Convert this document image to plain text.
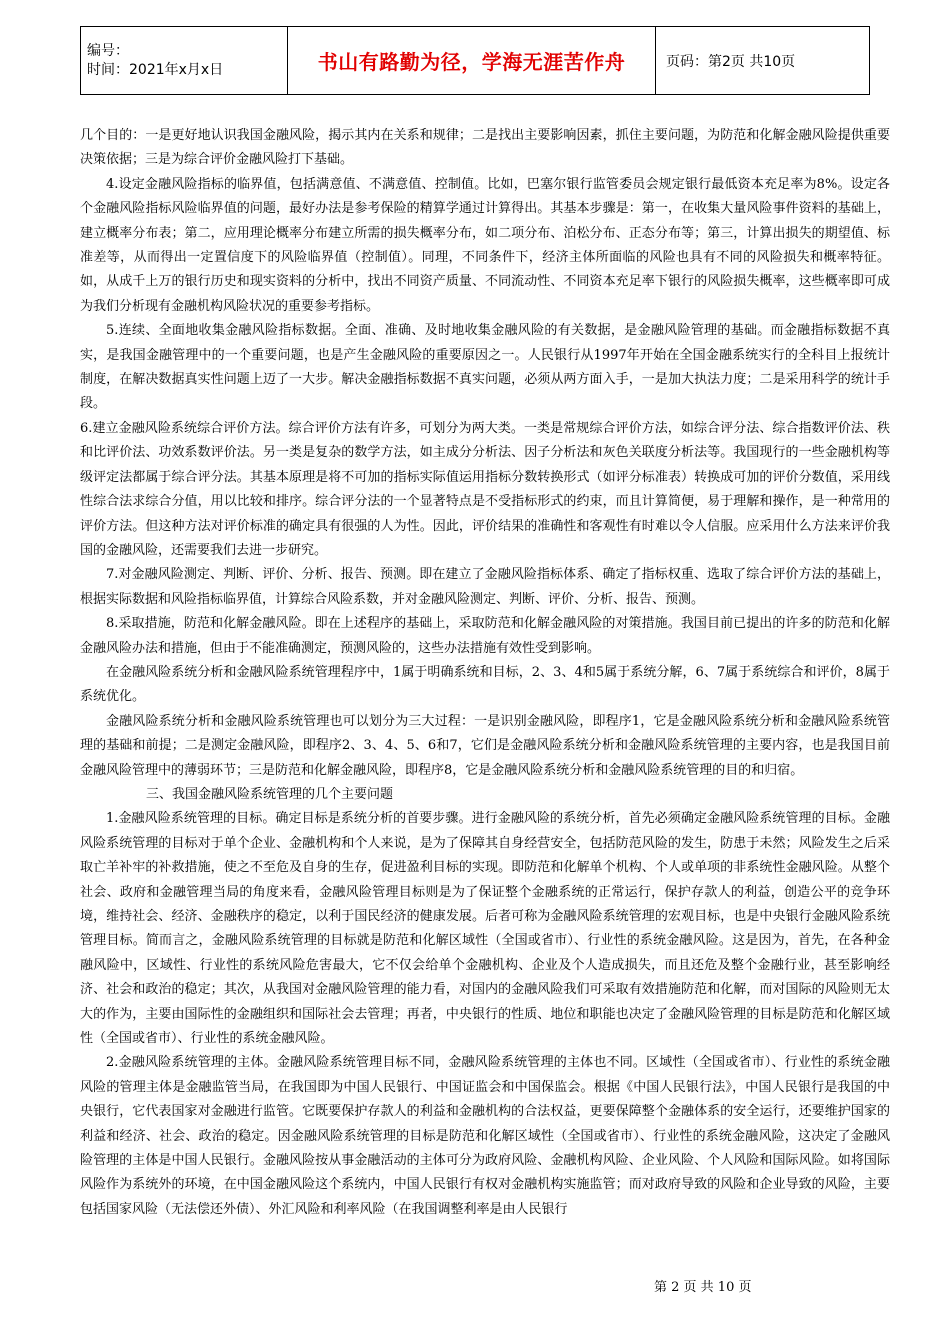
编号：
时间：2021年x月x日	书山有路勤为径，学海无涯苦作舟	页码：第2页 共10页

几个目的：一是更好地认识我国金融风险，揭示其内在关系和规律；二是找出主要影响因素，抓住主要问题，为防范和化解金融风险提供重要决策依据；三是为综合评价金融风险打下基础。

4.设定金融风险指标的临界值，包括满意值、不满意值、控制值。比如，巴塞尔银行监管委员会规定银行最低资本充足率为8%。设定各个金融风险指标风险临界值的问题，最好办法是参考保险的精算学通过计算得出。其基本步骤是：第一，在收集大量风险事件资料的基础上，建立概率分布表；第二，应用理论概率分布建立所需的损失概率分布，如二项分布、泊松分布、正态分布等；第三，计算出损失的期望值、标准差等，从而得出一定置信度下的风险临界值（控制值）。同理，不同条件下，经济主体所面临的风险也具有不同的风险损失和概率特征。如，从成千上万的银行历史和现实资料的分析中，找出不同资产质量、不同流动性、不同资本充足率下银行的风险损失概率，这些概率即可成为我们分析现有金融机构风险状况的重要参考指标。

5.连续、全面地收集金融风险指标数据。全面、准确、及时地收集金融风险的有关数据，是金融风险管理的基础。而金融指标数据不真实，是我国金融管理中的一个重要问题，也是产生金融风险的重要原因之一。人民银行从1997年开始在全国金融系统实行的全科目上报统计制度，在解决数据真实性问题上迈了一大步。解决金融指标数据不真实问题，必须从两方面入手，一是加大执法力度；二是采用科学的统计手段。

6.建立金融风险系统综合评价方法。综合评价方法有许多，可划分为两大类。一类是常规综合评价方法，如综合评分法、综合指数评价法、秩和比评价法、功效系数评价法。另一类是复杂的数学方法，如主成分分析法、因子分析法和灰色关联度分析法等。我国现行的一些金融机构等级评定法都属于综合评分法。其基本原理是将不可加的指标实际值运用指标分数转换形式（如评分标准表）转换成可加的评价分数值，采用线性综合法求综合分值，用以比较和排序。综合评分法的一个显著特点是不受指标形式的约束，而且计算简便，易于理解和操作，是一种常用的评价方法。但这种方法对评价标准的确定具有很强的人为性。因此，评价结果的准确性和客观性有时难以令人信服。应采用什么方法来评价我国的金融风险，还需要我们去进一步研究。

7.对金融风险测定、判断、评价、分析、报告、预测。即在建立了金融风险指标体系、确定了指标权重、选取了综合评价方法的基础上，根据实际数据和风险指标临界值，计算综合风险系数，并对金融风险测定、判断、评价、分析、报告、预测。

8.采取措施，防范和化解金融风险。即在上述程序的基础上，采取防范和化解金融风险的对策措施。我国目前已提出的许多的防范和化解金融风险办法和措施，但由于不能准确测定，预测风险的，这些办法措施有效性受到影响。

在金融风险系统分析和金融风险系统管理程序中，1属于明确系统和目标，2、3、4和5属于系统分解，6、7属于系统综合和评价，8属于系统优化。

金融风险系统分析和金融风险系统管理也可以划分为三大过程：一是识别金融风险，即程序1，它是金融风险系统分析和金融风险系统管理的基础和前提；二是测定金融风险，即程序2、3、4、5、6和7，它们是金融风险系统分析和金融风险系统管理的主要内容，也是我国目前金融风险管理中的薄弱环节；三是防范和化解金融风险，即程序8，它是金融风险系统分析和金融风险系统管理的目的和归宿。

三、我国金融风险系统管理的几个主要问题

1.金融风险系统管理的目标。确定目标是系统分析的首要步骤。进行金融风险的系统分析，首先必须确定金融风险系统管理的目标。金融风险系统管理的目标对于单个企业、金融机构和个人来说，是为了保障其自身经营安全，包括防范风险的发生，防患于未然；风险发生之后采取亡羊补牢的补救措施，使之不至危及自身的生存，促进盈利目标的实现。即防范和化解单个机构、个人或单项的非系统性金融风险。从整个社会、政府和金融管理当局的角度来看，金融风险管理目标则是为了保证整个金融系统的正常运行，保护存款人的利益，创造公平的竞争环境，维持社会、经济、金融秩序的稳定，以利于国民经济的健康发展。后者可称为金融风险系统管理的宏观目标，也是中央银行金融风险系统管理目标。简而言之，金融风险系统管理的目标就是防范和化解区域性（全国或省市）、行业性的系统金融风险。这是因为，首先，在各种金融风险中，区域性、行业性的系统风险危害最大，它不仅会给单个金融机构、企业及个人造成损失，而且还危及整个金融行业，甚至影响经济、社会和政治的稳定；其次，从我国对金融风险管理的能力看，对国内的金融风险我们可采取有效措施防范和化解，而对国际的风险则无太大的作为，主要由国际性的金融组织和国际社会去管理；再者，中央银行的性质、地位和职能也决定了金融风险管理的目标是防范和化解区域性（全国或省市）、行业性的系统金融风险。

2.金融风险系统管理的主体。金融风险系统管理目标不同，金融风险系统管理的主体也不同。区域性（全国或省市）、行业性的系统金融风险的管理主体是金融监管当局，在我国即为中国人民银行、中国证监会和中国保监会。根据《中国人民银行法》，中国人民银行是我国的中央银行，它代表国家对金融进行监管。它既要保护存款人的利益和金融机构的合法权益，更要保障整个金融体系的安全运行，还要维护国家的利益和经济、社会、政治的稳定。因金融风险系统管理的目标是防范和化解区域性（全国或省市）、行业性的系统金融风险，这决定了金融风险管理的主体是中国人民银行。金融风险按从事金融活动的主体可分为政府风险、金融机构风险、企业风险、个人风险和国际风险。如将国际风险作为系统外的环境，在中国金融风险这个系统内，中国人民银行有权对金融机构实施监管；而对政府导致的风险和企业导致的风险，主要包括国家风险（无法偿还外债）、外汇风险和利率风险（在我国调整利率是由人民银行

第 2 页 共 10 页
